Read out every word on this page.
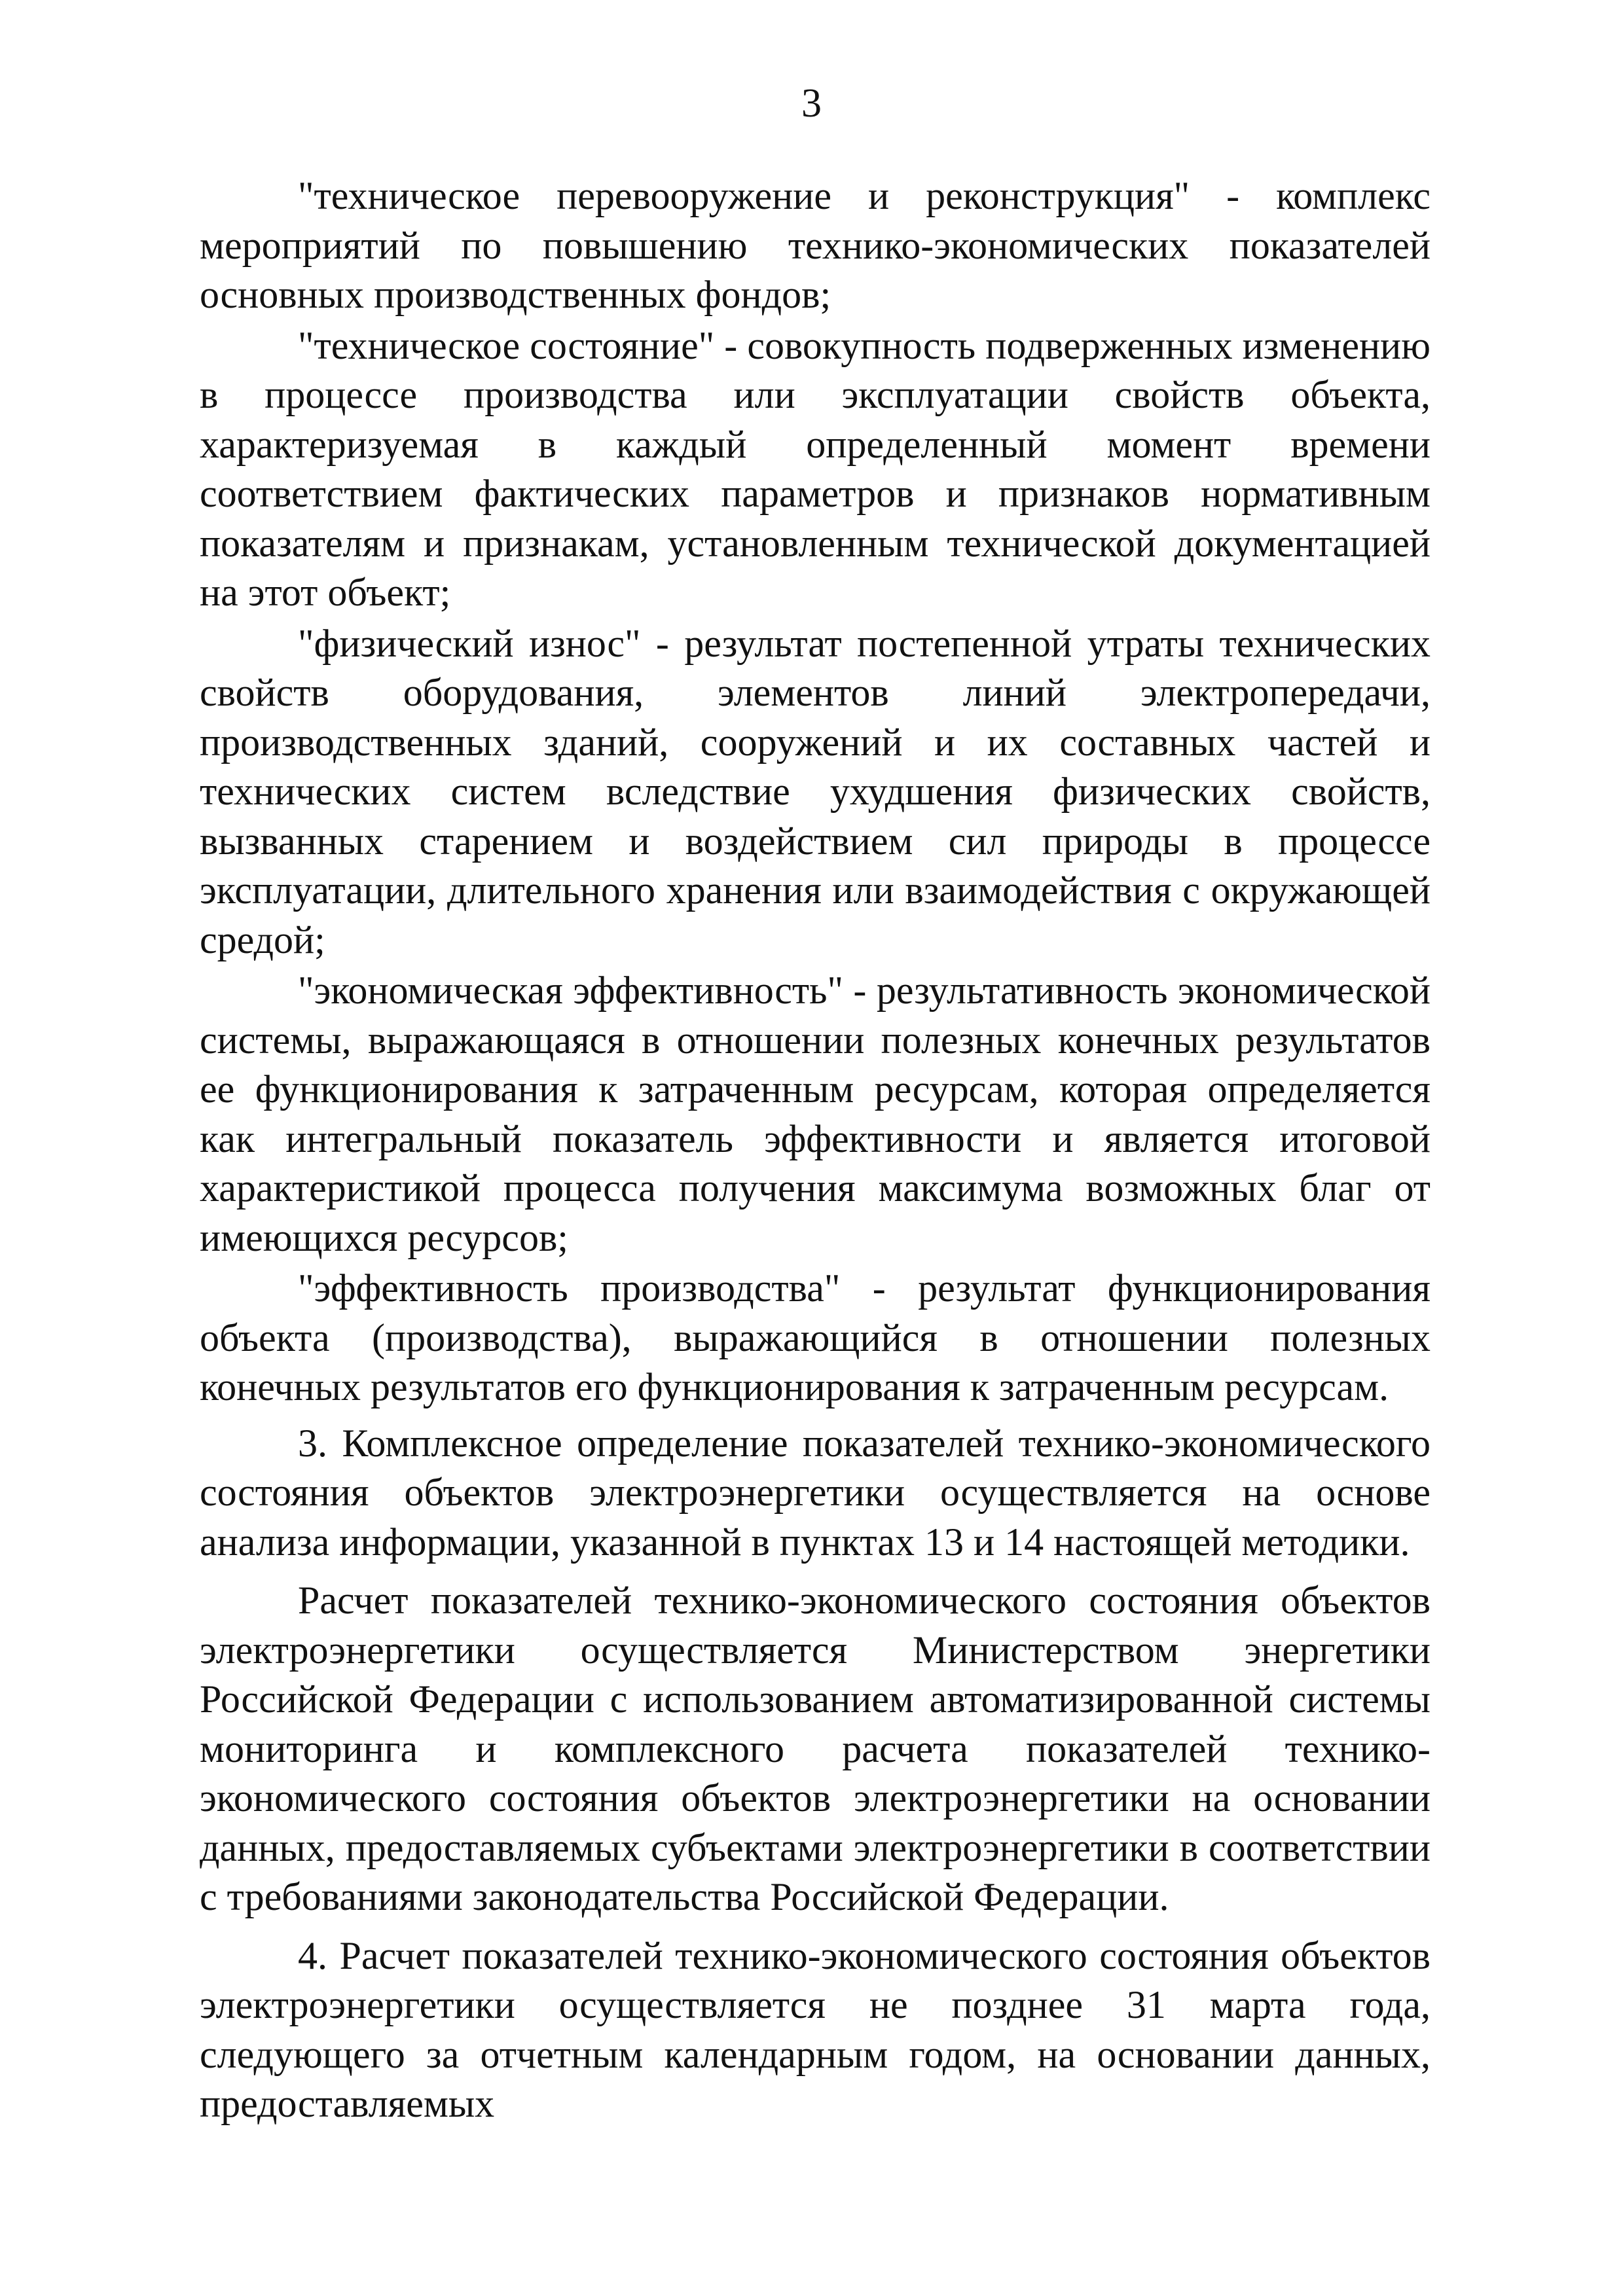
3

"техническое перевооружение и реконструкция" - комплекс мероприятий по повышению технико-экономических показателей основных производственных фондов;

"техническое состояние" - совокупность подверженных изменению в процессе производства или эксплуатации свойств объекта, характеризуемая в каждый определенный момент времени соответствием фактических параметров и признаков нормативным показателям и признакам, установленным технической документацией на этот объект;

"физический износ" - результат постепенной утраты технических свойств оборудования, элементов линий электропередачи, производственных зданий, сооружений и их составных частей и технических систем вследствие ухудшения физических свойств, вызванных старением и воздействием сил природы в процессе эксплуатации, длительного хранения или взаимодействия с окружающей средой;

"экономическая эффективность" - результативность экономической системы, выражающаяся в отношении полезных конечных результатов ее функционирования к затраченным ресурсам, которая определяется как интегральный показатель эффективности и является итоговой характеристикой процесса получения максимума возможных благ от имеющихся ресурсов;

"эффективность производства" - результат функционирования объекта (производства), выражающийся в отношении полезных конечных результатов его функционирования к затраченным ресурсам.

3. Комплексное определение показателей технико-экономического состояния объектов электроэнергетики осуществляется на основе анализа информации, указанной в пунктах 13 и 14 настоящей методики.

Расчет показателей технико-экономического состояния объектов электроэнергетики осуществляется Министерством энергетики Российской Федерации с использованием автоматизированной системы мониторинга и комплексного расчета показателей технико-экономического состояния объектов электроэнергетики на основании данных, предоставляемых субъектами электроэнергетики в соответствии с требованиями законодательства Российской Федерации.

4. Расчет показателей технико-экономического состояния объектов электроэнергетики осуществляется не позднее 31 марта года, следующего за отчетным календарным годом, на основании данных, предоставляемых
